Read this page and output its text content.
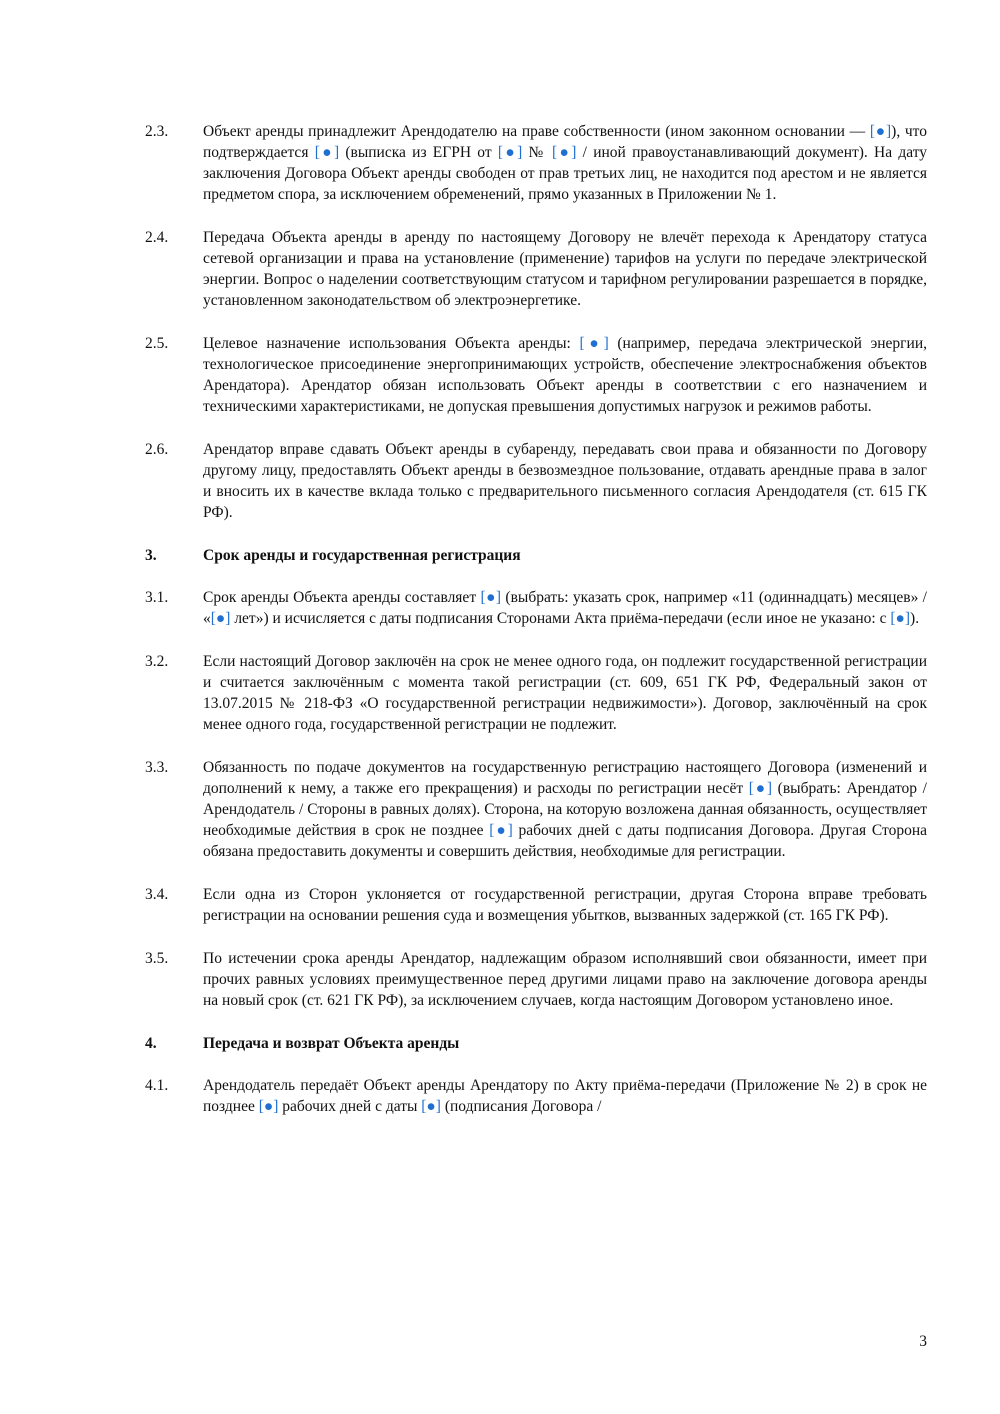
2.3.	Объект аренды принадлежит Арендодателю на праве собственности (ином законном основании — [●]), что подтверждается [●] (выписка из ЕГРН от [●] № [●] / иной правоустанавливающий документ). На дату заключения Договора Объект аренды свободен от прав третьих лиц, не находится под арестом и не является предметом спора, за исключением обременений, прямо указанных в Приложении № 1.
2.4.	Передача Объекта аренды в аренду по настоящему Договору не влечёт перехода к Арендатору статуса сетевой организации и права на установление (применение) тарифов на услуги по передаче электрической энергии. Вопрос о наделении соответствующим статусом и тарифном регулировании разрешается в порядке, установленном законодательством об электроэнергетике.
2.5.	Целевое назначение использования Объекта аренды: [●] (например, передача электрической энергии, технологическое присоединение энергопринимающих устройств, обеспечение электроснабжения объектов Арендатора). Арендатор обязан использовать Объект аренды в соответствии с его назначением и техническими характеристиками, не допуская превышения допустимых нагрузок и режимов работы.
2.6.	Арендатор вправе сдавать Объект аренды в субаренду, передавать свои права и обязанности по Договору другому лицу, предоставлять Объект аренды в безвозмездное пользование, отдавать арендные права в залог и вносить их в качестве вклада только с предварительного письменного согласия Арендодателя (ст. 615 ГК РФ).
3.	Срок аренды и государственная регистрация
3.1.	Срок аренды Объекта аренды составляет [●] (выбрать: указать срок, например «11 (одиннадцать) месяцев» / «[●] лет») и исчисляется с даты подписания Сторонами Акта приёма-передачи (если иное не указано: с [●]).
3.2.	Если настоящий Договор заключён на срок не менее одного года, он подлежит государственной регистрации и считается заключённым с момента такой регистрации (ст. 609, 651 ГК РФ, Федеральный закон от 13.07.2015 № 218-ФЗ «О государственной регистрации недвижимости»). Договор, заключённый на срок менее одного года, государственной регистрации не подлежит.
3.3.	Обязанность по подаче документов на государственную регистрацию настоящего Договора (изменений и дополнений к нему, а также его прекращения) и расходы по регистрации несёт [●] (выбрать: Арендатор / Арендодатель / Стороны в равных долях). Сторона, на которую возложена данная обязанность, осуществляет необходимые действия в срок не позднее [●] рабочих дней с даты подписания Договора. Другая Сторона обязана предоставить документы и совершить действия, необходимые для регистрации.
3.4.	Если одна из Сторон уклоняется от государственной регистрации, другая Сторона вправе требовать регистрации на основании решения суда и возмещения убытков, вызванных задержкой (ст. 165 ГК РФ).
3.5.	По истечении срока аренды Арендатор, надлежащим образом исполнявший свои обязанности, имеет при прочих равных условиях преимущественное перед другими лицами право на заключение договора аренды на новый срок (ст. 621 ГК РФ), за исключением случаев, когда настоящим Договором установлено иное.
4.	Передача и возврат Объекта аренды
4.1.	Арендодатель передаёт Объект аренды Арендатору по Акту приёма-передачи (Приложение № 2) в срок не позднее [●] рабочих дней с даты [●] (подписания Договора /
3
